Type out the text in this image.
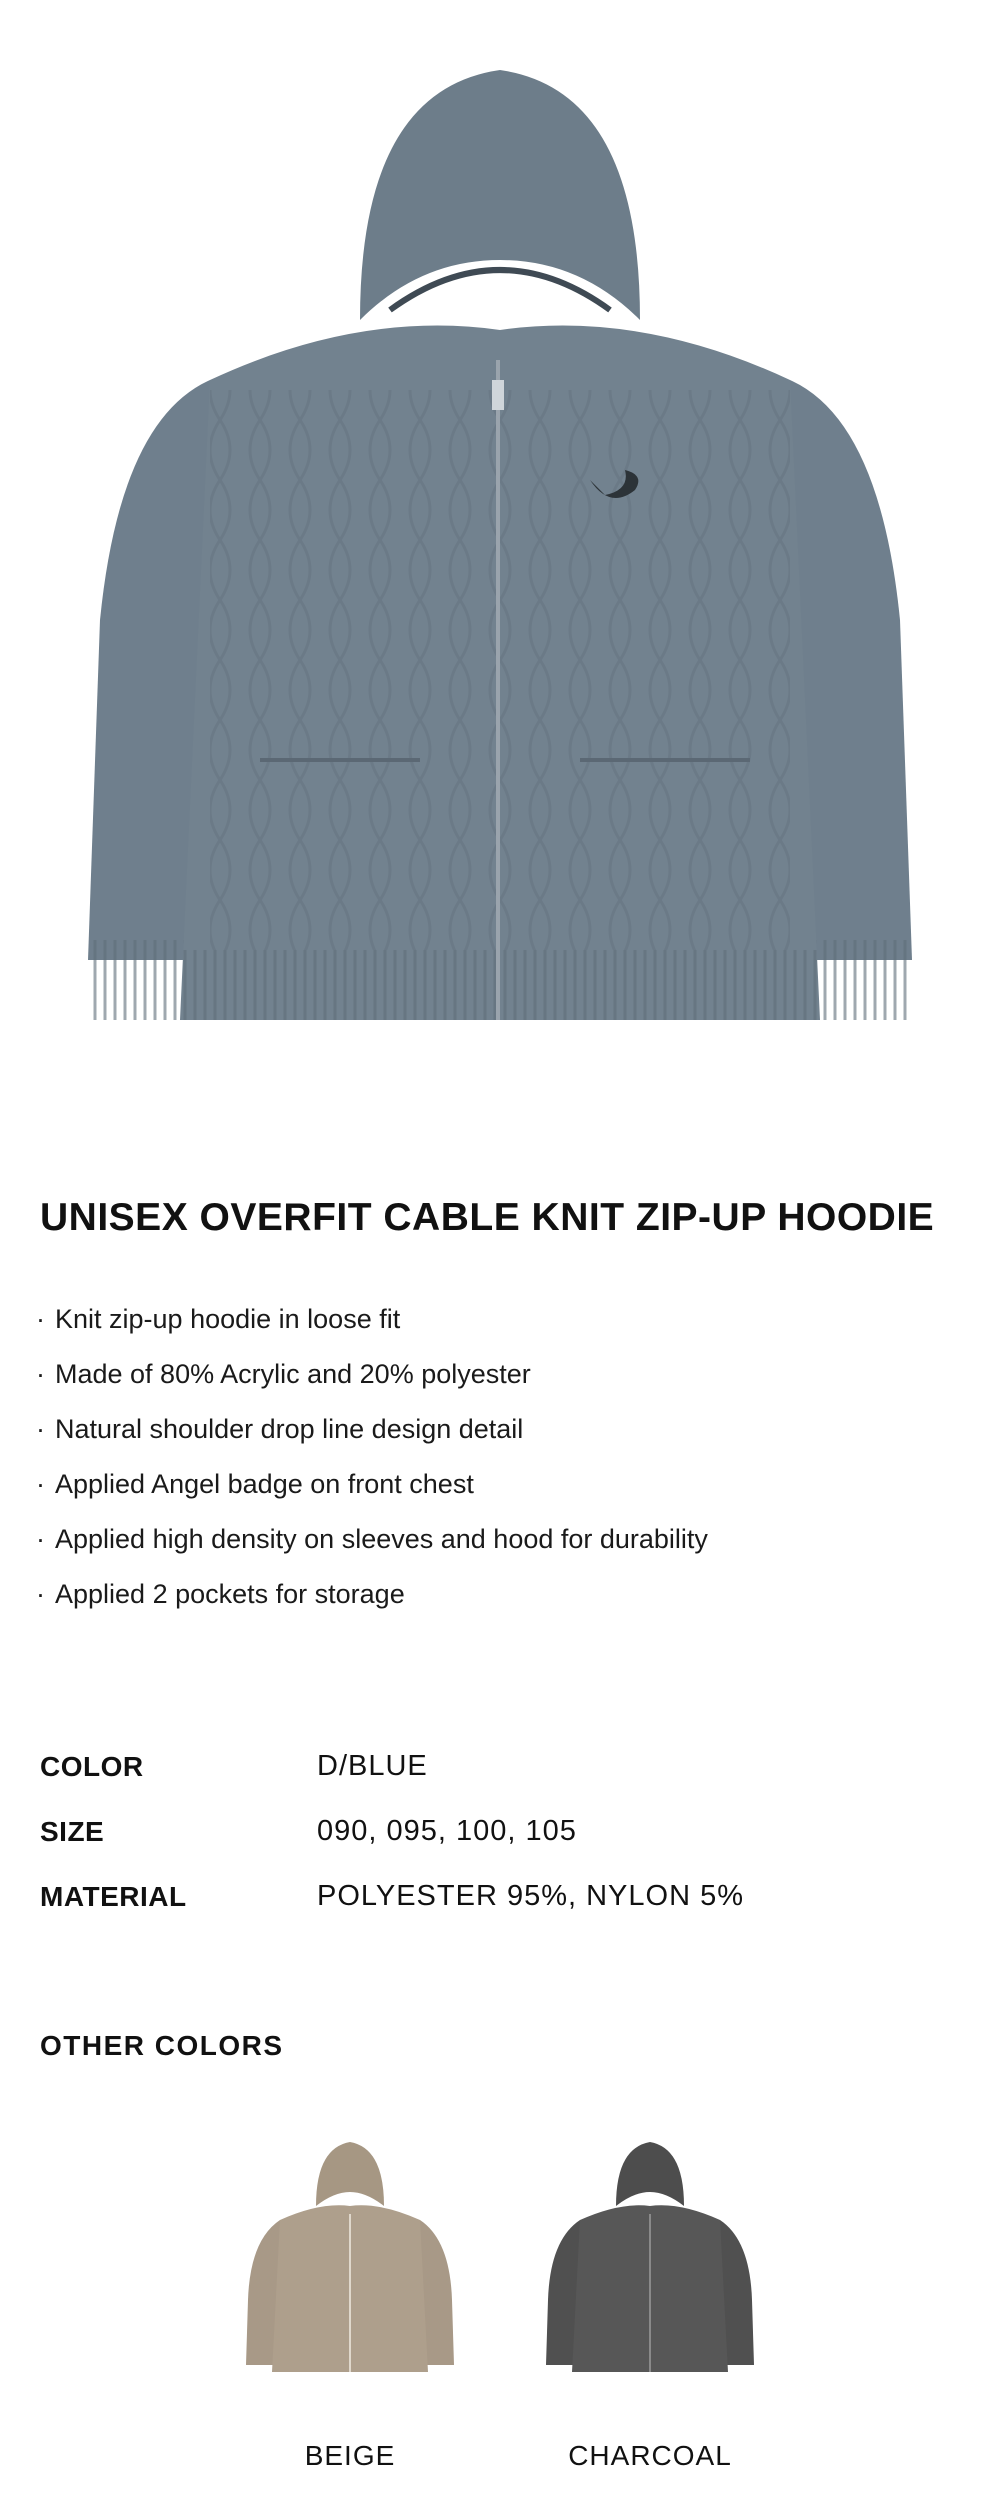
UNISEX OVERFIT CABLE KNIT ZIP-UP HOODIE
· Knit zip-up hoodie in loose fit
· Made of 80% Acrylic and 20% polyester
· Natural shoulder drop line design detail
· Applied Angel badge on front chest
· Applied high density on sleeves and hood for durability
· Applied 2 pockets for storage
COLOR	D/BLUE
SIZE	090, 095, 100, 105
MATERIAL	POLYESTER 95%, NYLON 5%
OTHER COLORS
BEIGE	CHARCOAL
